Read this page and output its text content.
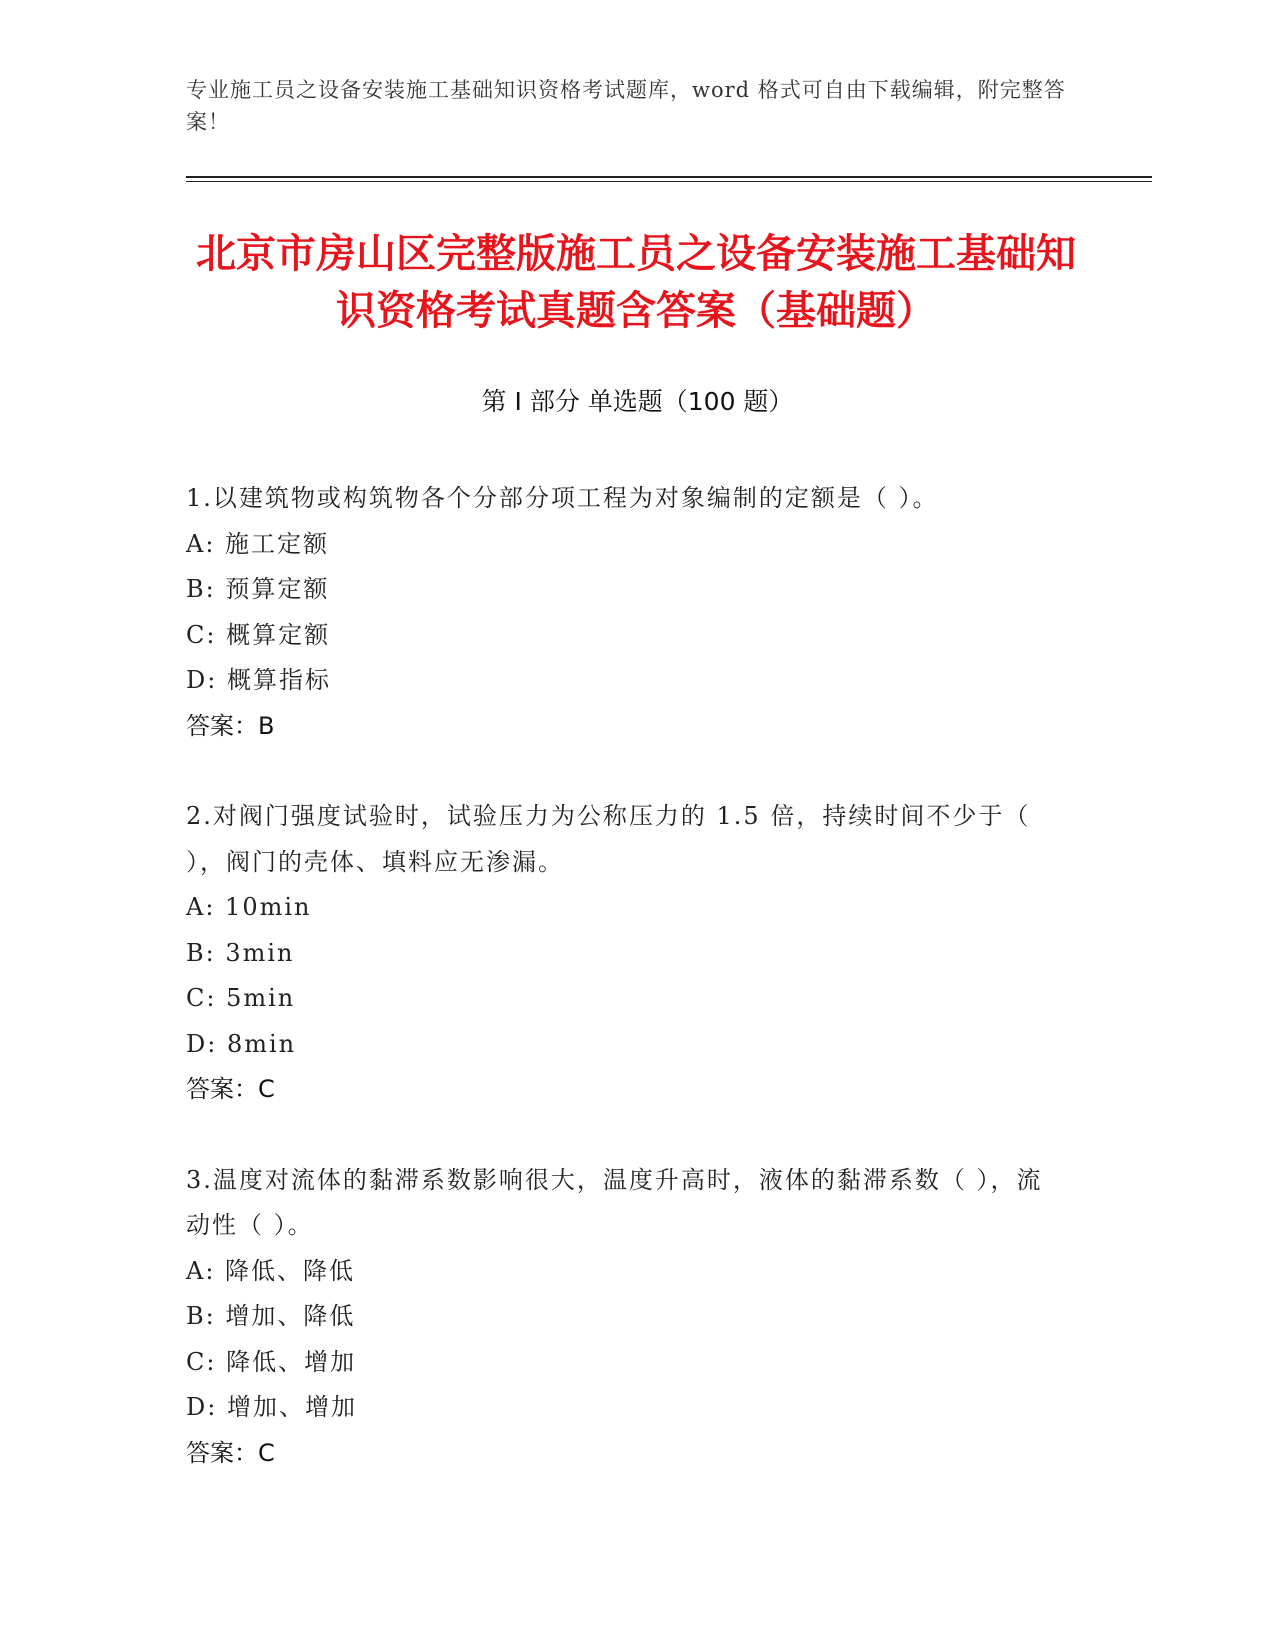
专业施工员之设备安装施工基础知识资格考试题库，word 格式可自由下载编辑，附完整答案！
北京市房山区完整版施工员之设备安装施工基础知识资格考试真题含答案（基础题）
第 I 部分 单选题（100 题）
1.以建筑物或构筑物各个分部分项工程为对象编制的定额是（ ）。
A: 施工定额
B: 预算定额
C: 概算定额
D: 概算指标
答案：B
2.对阀门强度试验时，试验压力为公称压力的 1.5 倍，持续时间不少于（ ），阀门的壳体、填料应无渗漏。
A: 10min
B: 3min
C: 5min
D: 8min
答案：C
3.温度对流体的黏滞系数影响很大，温度升高时，液体的黏滞系数（ ），流动性（ ）。
A: 降低、降低
B: 增加、降低
C: 降低、增加
D: 增加、增加
答案：C
